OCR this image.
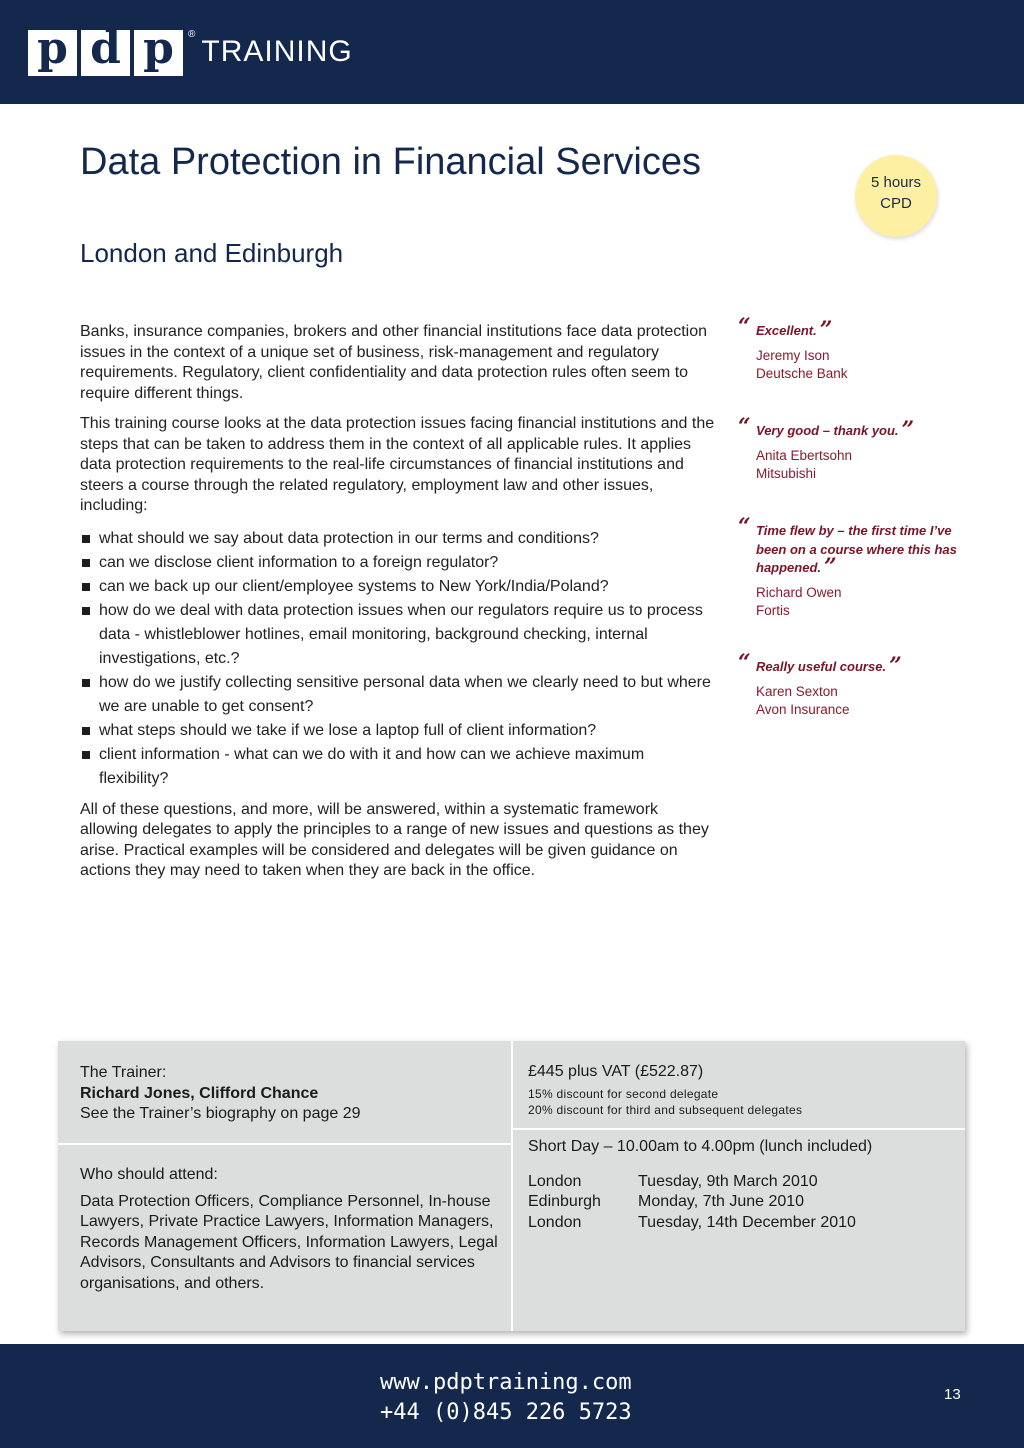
p d p	®
TRAINING
Data Protection in Financial Services
London and Edinburgh
5 hours
CPD

Banks, insurance companies, brokers and other financial institutions face data protection issues in the context of a unique set of business, risk-management and regulatory requirements. Regulatory, client confidentiality and data protection rules often seem to require different things.

This training course looks at the data protection issues facing financial institutions and the steps that can be taken to address them in the context of all applicable rules. It applies data protection requirements to the real-life circumstances of financial institutions and steers a course through the related regulatory, employment law and other issues, including:

what should we say about data protection in our terms and conditions?
can we disclose client information to a foreign regulator?
can we back up our client/employee systems to New York/India/Poland?
how do we deal with data protection issues when our regulators require us to process data - whistleblower hotlines, email monitoring, background checking, internal investigations, etc.?
how do we justify collecting sensitive personal data when we clearly need to but where we are unable to get consent?
what steps should we take if we lose a laptop full of client information?
client information - what can we do with it and how can we achieve maximum flexibility?

All of these questions, and more, will be answered, within a systematic framework allowing delegates to apply the principles to a range of new issues and questions as they arise. Practical examples will be considered and delegates will be given guidance on actions they may need to taken when they are back in the office.

“ Excellent. ”
Jeremy Ison
Deutsche Bank
“ Very good – thank you. ”
Anita Ebertsohn
Mitsubishi
“ Time flew by – the first time I’ve been on a course where this has happened. ”
Richard Owen
Fortis
“ Really useful course. ”
Karen Sexton
Avon Insurance
The Trainer:
Richard Jones, Clifford Chance
See the Trainer’s biography on page 29
Who should attend:
Data Protection Officers, Compliance Personnel, In-house Lawyers, Private Practice Lawyers, Information Managers, Records Management Officers, Information Lawyers, Legal Advisors, Consultants and Advisors to financial services organisations, and others.
£445 plus VAT (£522.87)
15% discount for second delegate
20% discount for third and subsequent delegates
Short Day – 10.00am to 4.00pm (lunch included)
London	Tuesday, 9th March 2010
Edinburgh	Monday, 7th June 2010
London	Tuesday, 14th December 2010
www.pdptraining.com
+44 (0)845 226 5723
13
